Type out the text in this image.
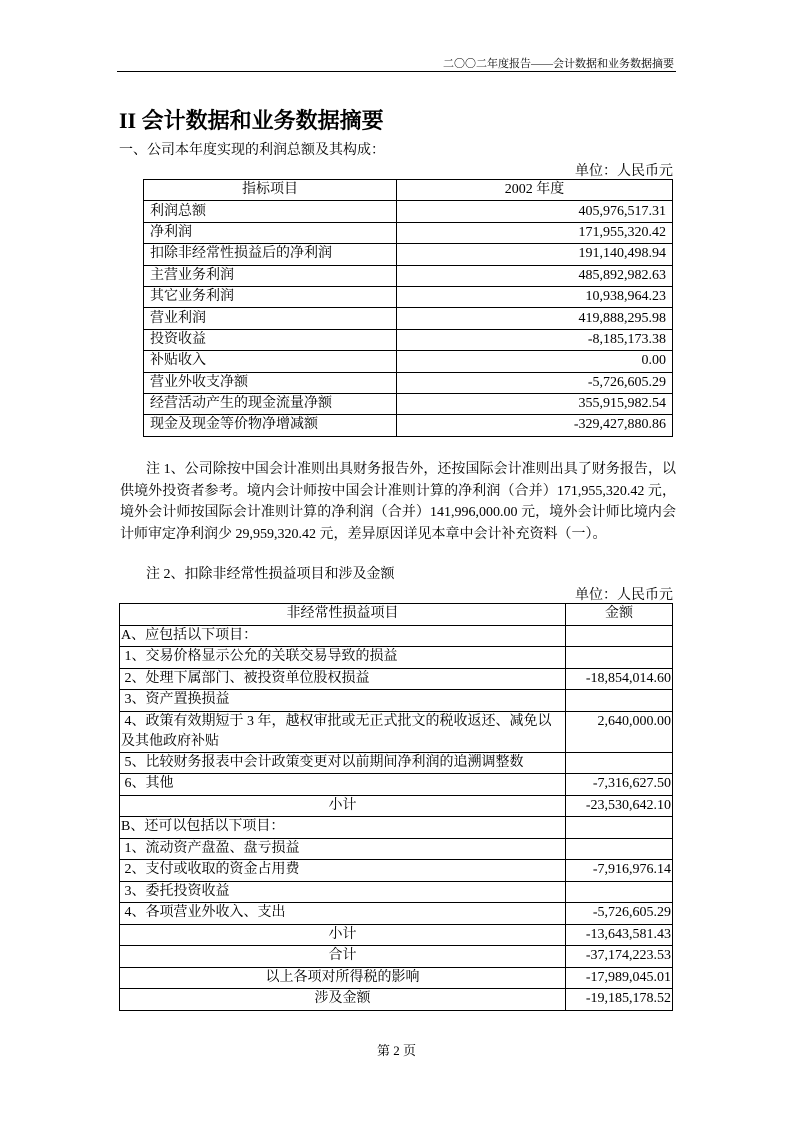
二〇〇二年度报告——会计数据和业务数据摘要
II 会计数据和业务数据摘要
一、公司本年度实现的利润总额及其构成：
单位：人民币元
指标项目	2002 年度
利润总额	405,976,517.31
净利润	171,955,320.42
扣除非经常性损益后的净利润	191,140,498.94
主营业务利润	485,892,982.63
其它业务利润	10,938,964.23
营业利润	419,888,295.98
投资收益	-8,185,173.38
补贴收入	0.00
营业外收支净额	-5,726,605.29
经营活动产生的现金流量净额	355,915,982.54
现金及现金等价物净增减额	-329,427,880.86
注 1、公司除按中国会计准则出具财务报告外，还按国际会计准则出具了财务报告，以供境外投资者参考。境内会计师按中国会计准则计算的净利润（合并）171,955,320.42 元，境外会计师按国际会计准则计算的净利润（合并）141,996,000.00 元，境外会计师比境内会计师审定净利润少 29,959,320.42 元，差异原因详见本章中会计补充资料（一）。
注 2、扣除非经常性损益项目和涉及金额
单位：人民币元
非经常性损益项目	金额
A、应包括以下项目：	
1、交易价格显示公允的关联交易导致的损益	
2、处理下属部门、被投资单位股权损益	-18,854,014.60
3、资产置换损益	
4、政策有效期短于 3 年，越权审批或无正式批文的税收返还、减免以及其他政府补贴	2,640,000.00
5、比较财务报表中会计政策变更对以前期间净利润的追溯调整数	
6、其他	-7,316,627.50
小计	-23,530,642.10
B、还可以包括以下项目：	
1、流动资产盘盈、盘亏损益	
2、支付或收取的资金占用费	-7,916,976.14
3、委托投资收益	
4、各项营业外收入、支出	-5,726,605.29
小计	-13,643,581.43
合计	-37,174,223.53
以上各项对所得税的影响	-17,989,045.01
涉及金额	-19,185,178.52
第 2 页
